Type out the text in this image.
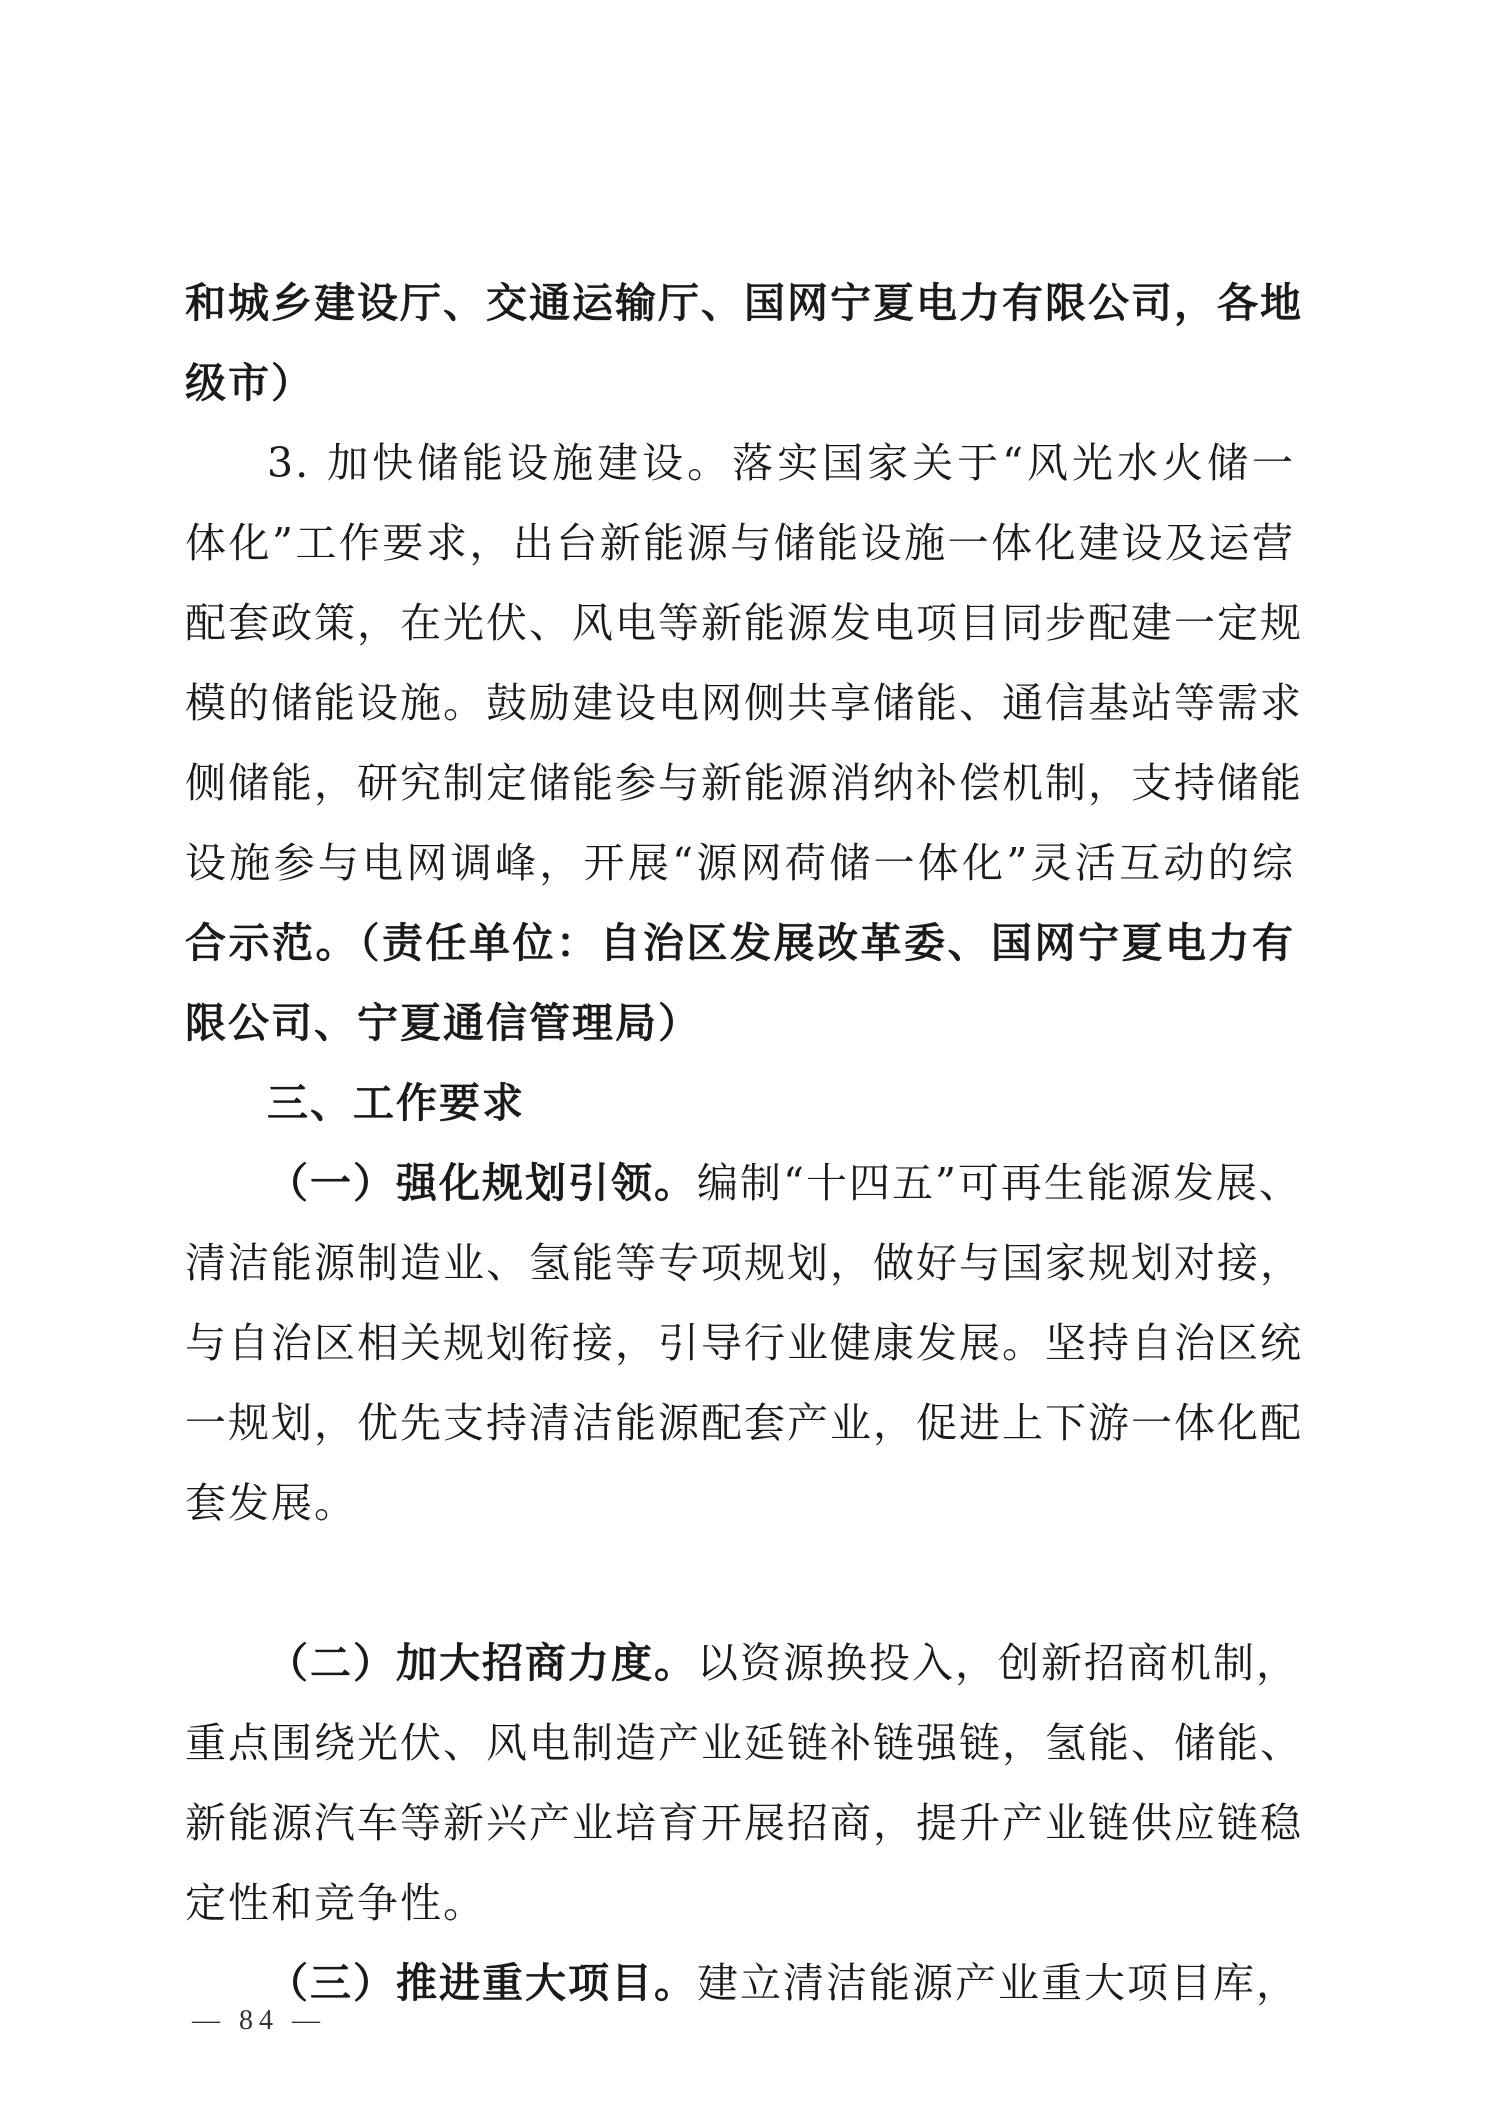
和城乡建设厅、交通运输厅、国网宁夏电力有限公司，各地
级市）
3. 加快储能设施建设。落实国家关于“风光水火储一
体化”工作要求，出台新能源与储能设施一体化建设及运营
配套政策，在光伏、风电等新能源发电项目同步配建一定规
模的储能设施。鼓励建设电网侧共享储能、通信基站等需求
侧储能，研究制定储能参与新能源消纳补偿机制，支持储能
设施参与电网调峰，开展“源网荷储一体化”灵活互动的综
合示范。（责任单位：自治区发展改革委、国网宁夏电力有
限公司、宁夏通信管理局）
三、工作要求
（一）强化规划引领。编制“十四五”可再生能源发展、
清洁能源制造业、氢能等专项规划，做好与国家规划对接，
与自治区相关规划衔接，引导行业健康发展。坚持自治区统
一规划，优先支持清洁能源配套产业，促进上下游一体化配
套发展。
（二）加大招商力度。以资源换投入，创新招商机制，
重点围绕光伏、风电制造产业延链补链强链，氢能、储能、
新能源汽车等新兴产业培育开展招商，提升产业链供应链稳
定性和竞争性。
（三）推进重大项目。建立清洁能源产业重大项目库，
— 84 —
